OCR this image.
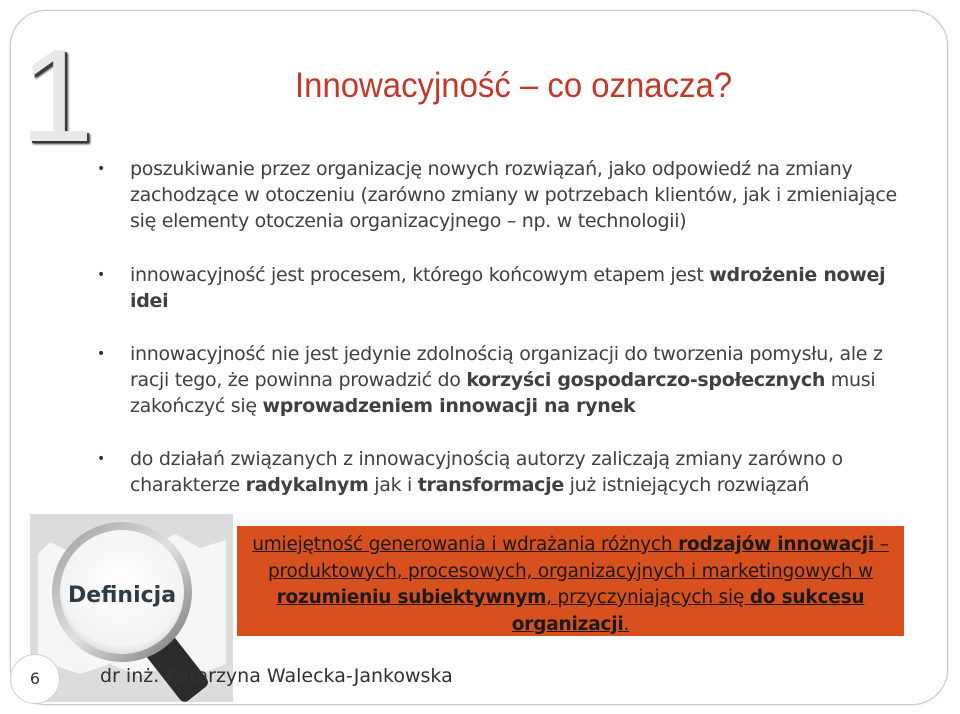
1	Innowacyjność – co oznacza?
• poszukiwanie przez organizację nowych rozwiązań, jako odpowiedź na zmiany zachodzące w otoczeniu (zarówno zmiany w potrzebach klientów, jak i zmieniające się elementy otoczenia organizacyjnego – np. w technologii)
• innowacyjność jest procesem, którego końcowym etapem jest wdrożenie nowej idei
• innowacyjność nie jest jedynie zdolnością organizacji do tworzenia pomysłu, ale z racji tego, że powinna prowadzić do korzyści gospodarczo-społecznych musi zakończyć się wprowadzeniem innowacji na rynek
• do działań związanych z innowacyjnością autorzy zaliczają zmiany zarówno o charakterze radykalnym jak i transformacje już istniejących rozwiązań
Definicja
umiejętność generowania i wdrażania różnych rodzajów innowacji – produktowych, procesowych, organizacyjnych i marketingowych w rozumieniu subiektywnym, przyczyniających się do sukcesu organizacji.
6	dr inż. Katarzyna Walecka-Jankowska
